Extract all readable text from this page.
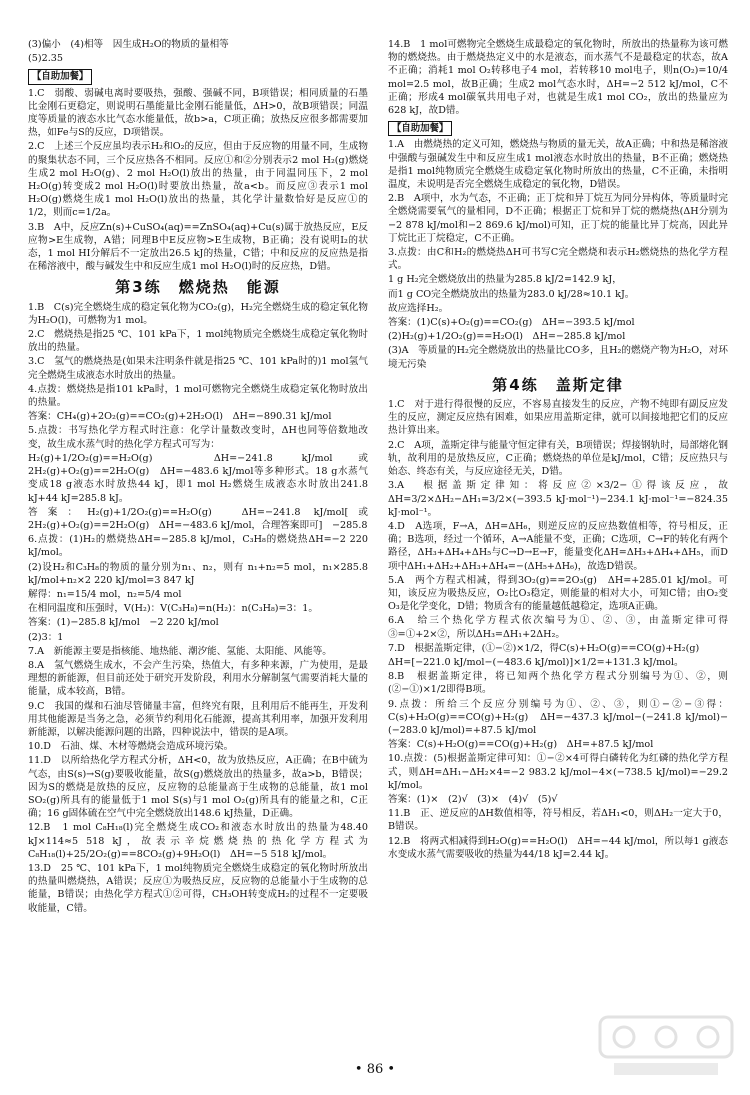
(3)偏小　(4)相等　因生成H₂O的物质的量相等
(5)2.35
【自助加餐】
1.C　弱酸、弱碱电离时要吸热，强酸、强碱不同，B项错误；相同质量的石墨比金刚石更稳定，则说明石墨能量比金刚石能量低，ΔH>0，故B项错误；同温度等质量的液态水比气态水能量低，故b>a，C项正确；放热反应很多都需要加热，如Fe与S的反应，D项错误。
2.C　上述三个反应虽均表示H₂和O₂的反应，但由于反应物的用量不同，生成物的聚集状态不同，三个反应热各不相同。反应①和②分别表示2 mol H₂(g)燃烧生成2 mol H₂O(g)、2 mol H₂O(l)放出的热量，由于同温同压下，2 mol H₂O(g)转变成2 mol H₂O(l)时要放出热量，故a<b。而反应③表示1 mol H₂O(g)燃烧生成1 mol H₂O(l)放出的热量，其化学计量数恰好是反应①的1/2，则而c=1/2a。
3.B　A中，反应Zn(s)+CuSO₄(aq)==ZnSO₄(aq)+Cu(s)属于放热反应，E反应物>E生成物，A错；同理B中E反应物>E生成物，B正确；没有说明I₂的状态，1 mol HI分解后不一定放出26.5 kJ的热量，C错；中和反应的反应热是指在稀溶液中，酸与碱发生中和反应生成1 mol H₂O(l)时的反应热，D错。
第3练　燃烧热　能源
1.B　C(s)完全燃烧生成的稳定氧化物为CO₂(g)，H₂完全燃烧生成的稳定氧化物为H₂O(l)，可燃物为1 mol。
2.C　燃烧热是指25 ℃、101 kPa下，1 mol纯物质完全燃烧生成稳定氧化物时放出的热量。
3.C　氢气的燃烧热是(如果未注明条件就是指25 ℃、101 kPa时的)1 mol氢气完全燃烧生成液态水时放出的热量。
4.点拨：燃烧热是指101 kPa时，1 mol可燃物完全燃烧生成稳定氧化物时放出的热量。
答案：CH₄(g)+2O₂(g)==CO₂(g)+2H₂O(l)　ΔH=−890.31 kJ/mol
5.点拨：书写热化学方程式时注意：化学计量数改变时，ΔH也同等倍数地改变，故生成水蒸气时的热化学方程式可写为：
H₂(g)+1/2O₂(g)==H₂O(g)　ΔH=−241.8 kJ/mol或2H₂(g)+O₂(g)==2H₂O(g)　ΔH=−483.6 kJ/mol等多种形式。18 g水蒸气变成18 g液态水时放热44 kJ，即1 mol H₂燃烧生成液态水时放出241.8 kJ+44 kJ=285.8 kJ。
答案：H₂(g)+1/2O₂(g)==H₂O(g)　ΔH=−241.8 kJ/mol[或2H₂(g)+O₂(g)==2H₂O(g)　ΔH=−483.6 kJ/mol，合理答案即可]　−285.8
6.点拨：(1)H₂的燃烧热ΔH=−285.8 kJ/mol，C₃H₈的燃烧热ΔH=−2 220 kJ/mol。
(2)设H₂和C₃H₈的物质的量分别为n₁、n₂，则有 n₁+n₂=5 mol，n₁×285.8 kJ/mol+n₂×2 220 kJ/mol=3 847 kJ
解得：n₁=15/4 mol，n₂=5/4 mol
在相同温度和压强时，V(H₂)：V(C₃H₈)=n(H₂)：n(C₃H₈)=3：1。
答案：(1)−285.8 kJ/mol　−2 220 kJ/mol
(2)3：1
7.A　新能源主要是指核能、地热能、潮汐能、氢能、太阳能、风能等。
8.A　氢气燃烧生成水，不会产生污染，热值大，有多种来源，广为使用，是最理想的新能源，但目前还处于研究开发阶段，利用水分解制氢气需要消耗大量的能量，成本较高，B错。
9.C　我国的煤和石油尽管储量丰富，但终究有限，且利用后不能再生，开发利用其他能源是当务之急，必须节约利用化石能源，提高其利用率，加强开发利用新能源，以解决能源问题的出路，四种说法中，错误的是A项。
10.D　石油、煤、木材等燃烧会造成环境污染。
11.D　以所给热化学方程式分析，ΔH<0，故为放热反应，A正确；在B中硫为气态，由S(s)→S(g)要吸收能量，故S(g)燃烧放出的热量多，故a>b，B错误；因为S的燃烧是放热的反应，反应物的总能量高于生成物的总能量，故1 mol SO₂(g)所具有的能量低于1 mol S(s)与1 mol O₂(g)所具有的能量之和，C正确；16 g固体硫在空气中完全燃烧放出148.6 kJ热量，D正确。
12.B　1 mol C₈H₁₈(l)完全燃烧生成CO₂和液态水时放出的热量为48.40 kJ×114≈5 518 kJ，故表示辛烷燃烧热的热化学方程式为C₈H₁₈(l)+25/2O₂(g)==8CO₂(g)+9H₂O(l)　ΔH=−5 518 kJ/mol。
13.D　25 ℃、101 kPa下，1 mol纯物质完全燃烧生成稳定的氧化物时所放出的热量叫燃烧热，A错误；反应①为吸热反应，反应物的总能量小于生成物的总能量，B错误；由热化学方程式①②可得，CH₃OH转变成H₂的过程不一定要吸收能量，C错。
14.B　1 mol可燃物完全燃烧生成最稳定的氧化物时，所放出的热量称为该可燃物的燃烧热。由于燃烧热定义中的水是液态，而水蒸气不是最稳定的状态，故A不正确；消耗1 mol O₂转移电子4 mol，若转移10 mol电子，则n(O₂)=10/4 mol=2.5 mol，故B正确；生成2 mol气态水时，ΔH=−2 512 kJ/mol，C不正确；形成4 mol碳氧共用电子对，也就是生成1 mol CO₂，放出的热量应为628 kJ，故D错。
【自助加餐】
1.A　由燃烧热的定义可知，燃烧热与物质的量无关，故A正确；中和热是稀溶液中强酸与强碱发生中和反应生成1 mol液态水时放出的热量，B不正确；燃烧热是指1 mol纯物质完全燃烧生成稳定氧化物时所放出的热量，C不正确，未指明温度，未说明是否完全燃烧生成稳定的氧化物，D错误。
2.B　A项中，水为气态，不正确；正丁烷和异丁烷互为同分异构体，等质量时完全燃烧需要氧气的量相同，D不正确；根据正丁烷和异丁烷的燃烧热(ΔH分别为−2 878 kJ/mol和−2 869.6 kJ/mol)可知，正丁烷的能量比异丁烷高，因此异丁烷比正丁烷稳定，C不正确。
3.点拨：由C和H₂的燃烧热ΔH可书写C完全燃烧和表示H₂燃烧热的热化学方程式。
1 g H₂完全燃烧放出的热量为285.8 kJ/2=142.9 kJ，
而1 g CO完全燃烧放出的热量为283.0 kJ/28≈10.1 kJ。
故应选择H₂。
答案：(1)C(s)+O₂(g)==CO₂(g)　ΔH=−393.5 kJ/mol
(2)H₂(g)+1/2O₂(g)==H₂O(l)　ΔH=−285.8 kJ/mol
(3)A　等质量的H₂完全燃烧放出的热量比CO多，且H₂的燃烧产物为H₂O，对环境无污染
第4练　盖斯定律
1.C　对于进行得很慢的反应，不容易直接发生的反应，产物不纯即有副反应发生的反应，测定反应热有困难，如果应用盖斯定律，就可以间接地把它们的反应热计算出来。
2.C　A项，盖斯定律与能量守恒定律有关，B项错误；焊接钢轨时，局部熔化钢轨，故利用的是放热反应，C正确；燃烧热的单位是kJ/mol，C错；反应热只与始态、终态有关，与反应途径无关，D错。
3.A　根据盖斯定律知：将反应②×3/2−①得该反应，故ΔH=3/2×ΔH₂−ΔH₁=3/2×(−393.5 kJ·mol⁻¹)−234.1 kJ·mol⁻¹=−824.35 kJ·mol⁻¹。
4.D　A选项，F→A，ΔH=ΔH₆，则逆反应的反应热数值相等，符号相反，正确；B选项，经过一个循环，A→A能量不变，正确；C选项，C→F的转化有两个路径，ΔH₃+ΔH₄+ΔH₅与C→D→E→F，能量变化ΔH=ΔH₃+ΔH₄+ΔH₅，而D项中ΔH₁+ΔH₂+ΔH₃+ΔH₄=−(ΔH₅+ΔH₆)，故选D错误。
5.A　两个方程式相减，得到3O₂(g)==2O₃(g)　ΔH=+285.01 kJ/mol。可知，该反应为吸热反应，O₂比O₃稳定，则能量的相对大小，可知C错；由O₂变O₃是化学变化，D错；物质含有的能量越低越稳定，选项A正确。
6.A　给三个热化学方程式依次编号为①、②、③，由盖斯定律可得③=①+2×②，所以ΔH₃=ΔH₁+2ΔH₂。
7.D　根据盖斯定律，(①−②)×1/2，得C(s)+H₂O(g)==CO(g)+H₂(g)
ΔH=[−221.0 kJ/mol−(−483.6 kJ/mol)]×1/2=+131.3 kJ/mol。
8.B　根据盖斯定律，将已知两个热化学方程式分别编号为①、②，则(②−①)×1/2即得B项。
9.点拨：所给三个反应分别编号为①、②、③，则①−②−③得：C(s)+H₂O(g)==CO(g)+H₂(g)　ΔH=−437.3 kJ/mol−(−241.8 kJ/mol)−(−283.0 kJ/mol)=+87.5 kJ/mol
答案：C(s)+H₂O(g)==CO(g)+H₂(g)　ΔH=+87.5 kJ/mol
10.点拨：(5)根据盖斯定律可知：①−②×4可得白磷转化为红磷的热化学方程式，则ΔH=ΔH₁−ΔH₂×4=−2 983.2 kJ/mol−4×(−738.5 kJ/mol)=−29.2 kJ/mol。
答案：(1)×　(2)√　(3)×　(4)√　(5)√
11.B　正、逆反应的ΔH数值相等，符号相反，若ΔH₁<0，则ΔH₂一定大于0，B错误。
12.B　将两式相减得到H₂O(g)==H₂O(l)　ΔH=−44 kJ/mol，所以每1 g液态水变成水蒸气需要吸收的热量为44/18 kJ=2.44 kJ。
• 86 •
